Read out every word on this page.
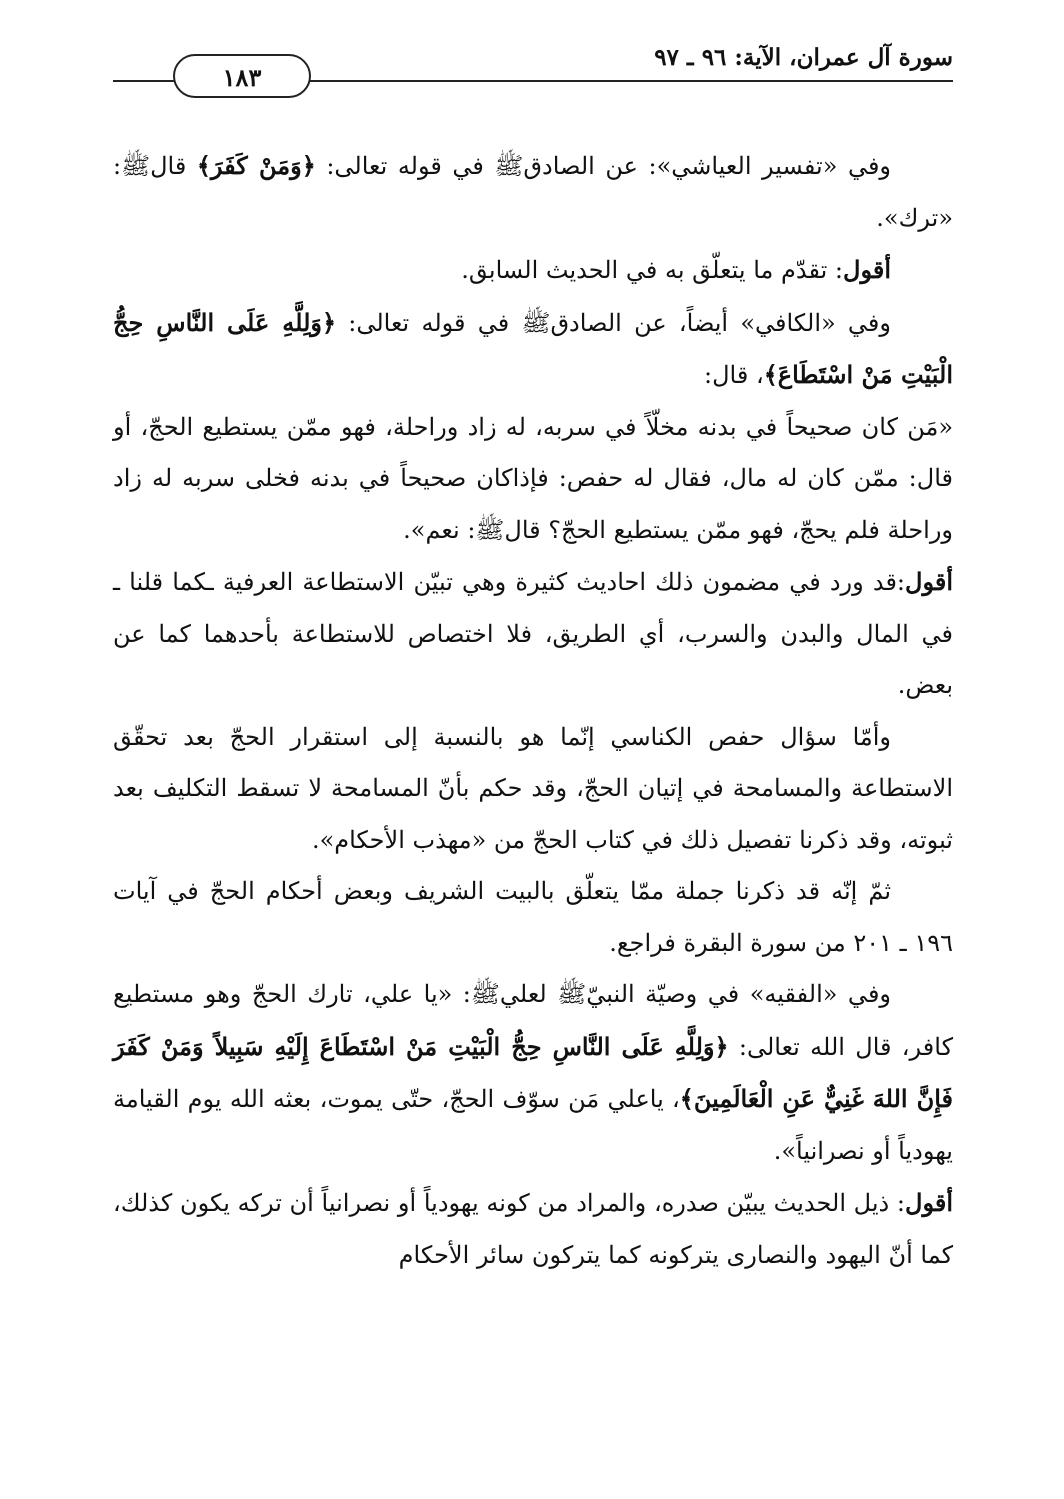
سورة آل عمران، الآية: ٩٦ ـ ٩٧
١٨٣

وفي «تفسير العياشي»: عن الصادقﷺ في قوله تعالى: ﴿وَمَنْ كَفَرَ﴾ قالﷺ: «ترك».

أقول: تقدّم ما يتعلّق به في الحديث السابق.

وفي «الكافي» أيضاً، عن الصادقﷺ في قوله تعالى: ﴿وَلِلَّهِ عَلَى النَّاسِ حِجُّ الْبَيْتِ مَنْ اسْتَطَاعَ﴾، قال:

«مَن كان صحيحاً في بدنه مخلّاً في سربه، له زاد وراحلة، فهو ممّن يستطيع الحجّ، أو قال: ممّن كان له مال، فقال له حفص: فإذاكان صحيحاً في بدنه فخلى سربه له زاد وراحلة فلم يحجّ، فهو ممّن يستطيع الحجّ؟ قالﷺ: نعم».

أقول:قد ورد في مضمون ذلك احاديث كثيرة وهي تبيّن الاستطاعة العرفية ـكما قلنا ـ في المال والبدن والسرب، أي الطريق، فلا اختصاص للاستطاعة بأحدهما كما عن بعض.

وأمّا سؤال حفص الكناسي إنّما هو بالنسبة إلى استقرار الحجّ بعد تحقّق الاستطاعة والمسامحة في إتيان الحجّ، وقد حكم بأنّ المسامحة لا تسقط التكليف بعد ثبوته، وقد ذكرنا تفصيل ذلك في كتاب الحجّ من «مهذب الأحكام».

ثمّ إنّه قد ذكرنا جملة ممّا يتعلّق بالبيت الشريف وبعض أحكام الحجّ في آيات ١٩٦ ـ ٢٠١ من سورة البقرة فراجع.

وفي «الفقيه» في وصيّة النبيّﷺ لعليﷺ: «يا علي، تارك الحجّ وهو مستطيع كافر، قال الله تعالى: ﴿وَلِلَّهِ عَلَى النَّاسِ حِجُّ الْبَيْتِ مَنْ اسْتَطَاعَ إِلَيْهِ سَبِيلاً وَمَنْ كَفَرَ فَإِنَّ اللهَ غَنِيٌّ عَنِ الْعَالَمِينَ﴾، ياعلي مَن سوّف الحجّ، حتّى يموت، بعثه الله يوم القيامة يهودياً أو نصرانياً».

أقول: ذيل الحديث يبيّن صدره، والمراد من كونه يهودياً أو نصرانياً أن تركه يكون كذلك، كما أنّ اليهود والنصارى يتركونه كما يتركون سائر الأحكام
